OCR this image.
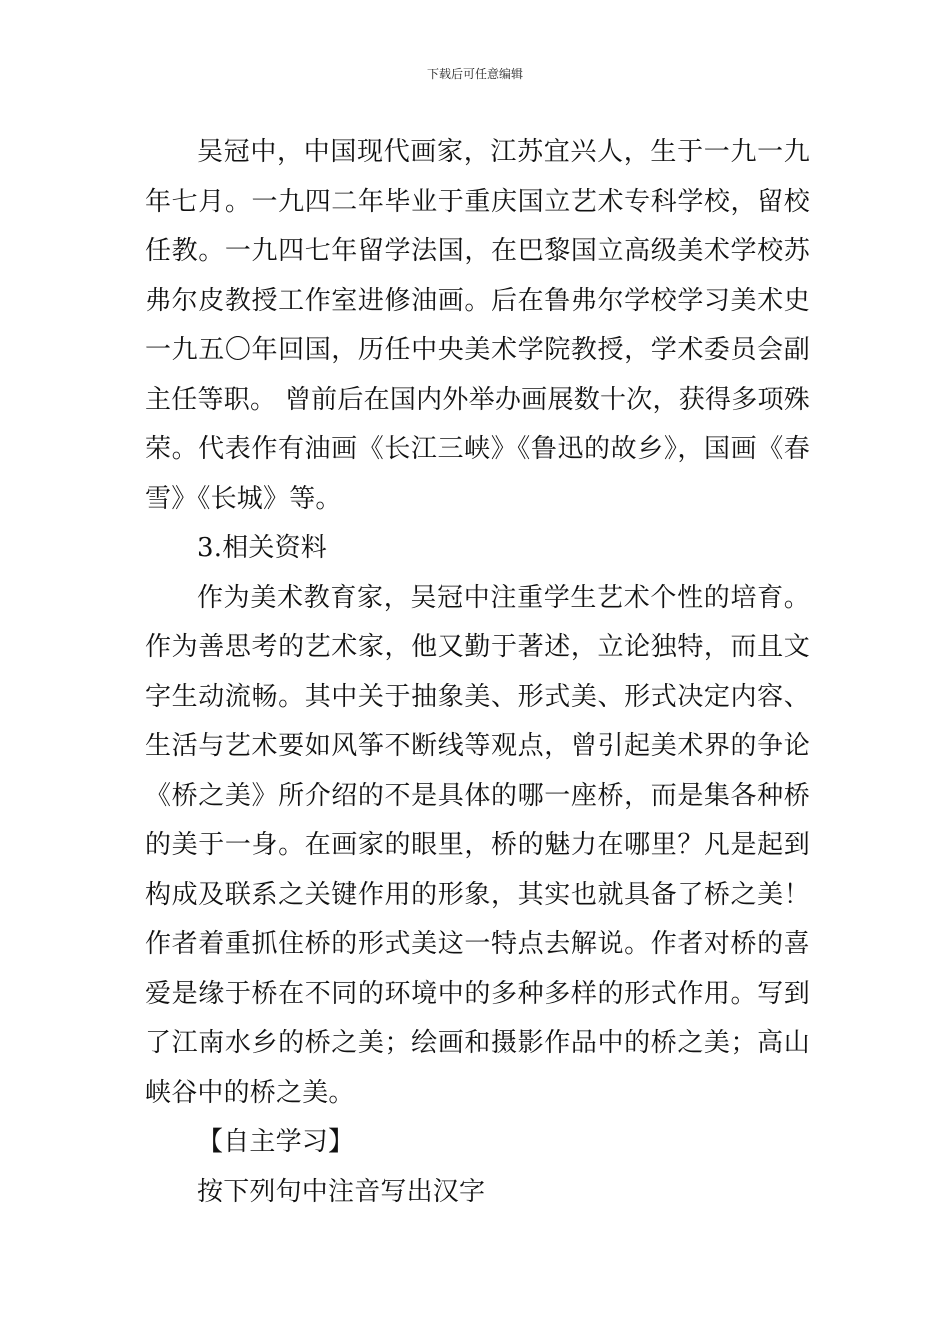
下载后可任意编辑

吴冠中，中国现代画家，江苏宜兴人，生于一九一九年七月。一九四二年毕业于重庆国立艺术专科学校，留校任教。一九四七年留学法国，在巴黎国立高级美术学校苏弗尔皮教授工作室进修油画。后在鲁弗尔学校学习美术史一九五〇年回国，历任中央美术学院教授，学术委员会副主任等职。 曾前后在国内外举办画展数十次，获得多项殊荣。代表作有油画《长江三峡》《鲁迅的故乡》，国画《春雪》《长城》等。

3.相关资料

作为美术教育家，吴冠中注重学生艺术个性的培育。作为善思考的艺术家，他又勤于著述，立论独特，而且文字生动流畅。其中关于抽象美、形式美、形式决定内容、生活与艺术要如风筝不断线等观点，曾引起美术界的争论《桥之美》所介绍的不是具体的哪一座桥，而是集各种桥的美于一身。在画家的眼里，桥的魅力在哪里？凡是起到构成及联系之关键作用的形象，其实也就具备了桥之美！作者着重抓住桥的形式美这一特点去解说。作者对桥的喜爱是缘于桥在不同的环境中的多种多样的形式作用。写到了江南水乡的桥之美；绘画和摄影作品中的桥之美；高山峡谷中的桥之美。

【自主学习】

按下列句中注音写出汉字
